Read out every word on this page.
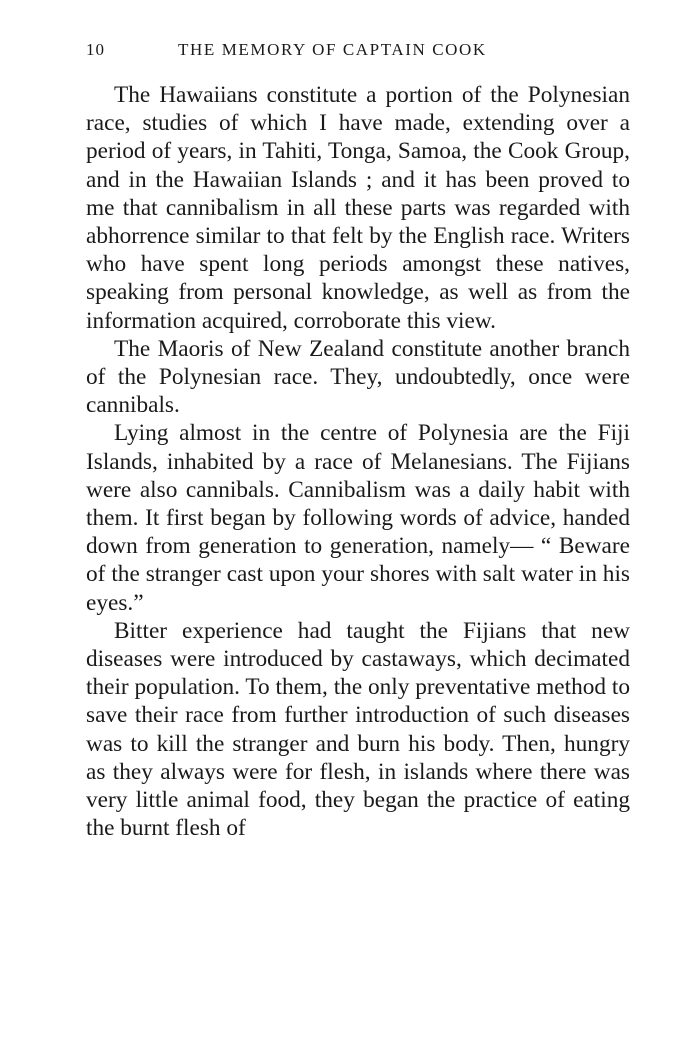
10	THE MEMORY OF CAPTAIN COOK

The Hawaiians constitute a portion of the Polynesian race, studies of which I have made, extending over a period of years, in Tahiti, Tonga, Samoa, the Cook Group, and in the Hawaiian Islands ; and it has been proved to me that cannibalism in all these parts was regarded with abhorrence similar to that felt by the English race. Writers who have spent long periods amongst these natives, speaking from personal knowledge, as well as from the information acquired, corroborate this view.

The Maoris of New Zealand constitute another branch of the Polynesian race. They, undoubtedly, once were cannibals.

Lying almost in the centre of Polynesia are the Fiji Islands, inhabited by a race of Melanesians. The Fijians were also cannibals. Cannibalism was a daily habit with them. It first began by following words of advice, handed down from generation to generation, namely— “ Beware of the stranger cast upon your shores with salt water in his eyes.”

Bitter experience had taught the Fijians that new diseases were introduced by castaways, which decimated their population. To them, the only preventative method to save their race from further introduction of such diseases was to kill the stranger and burn his body. Then, hungry as they always were for flesh, in islands where there was very little animal food, they began the practice of eating the burnt flesh of
